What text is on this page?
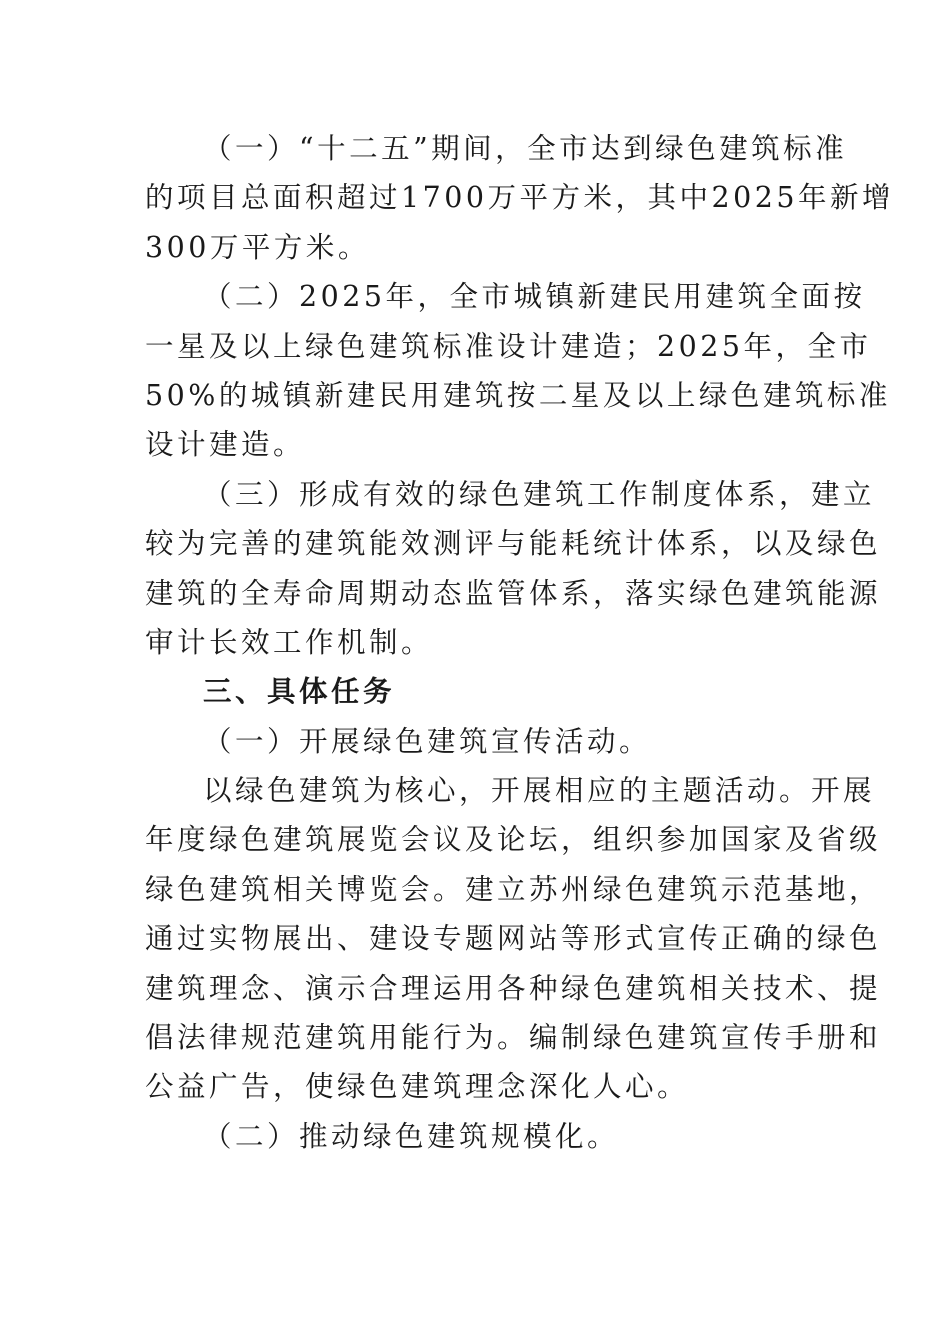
（一）“十二五”期间，全市达到绿色建筑标准
的项目总面积超过1700万平方米，其中2025年新增
300万平方米。
（二）2025年，全市城镇新建民用建筑全面按
一星及以上绿色建筑标准设计建造；2025年，全市
50%的城镇新建民用建筑按二星及以上绿色建筑标准
设计建造。
（三）形成有效的绿色建筑工作制度体系，建立
较为完善的建筑能效测评与能耗统计体系，以及绿色
建筑的全寿命周期动态监管体系，落实绿色建筑能源
审计长效工作机制。
三、具体任务
（一）开展绿色建筑宣传活动。
以绿色建筑为核心，开展相应的主题活动。开展
年度绿色建筑展览会议及论坛，组织参加国家及省级
绿色建筑相关博览会。建立苏州绿色建筑示范基地，
通过实物展出、建设专题网站等形式宣传正确的绿色
建筑理念、演示合理运用各种绿色建筑相关技术、提
倡法律规范建筑用能行为。编制绿色建筑宣传手册和
公益广告，使绿色建筑理念深化人心。
（二）推动绿色建筑规模化。
